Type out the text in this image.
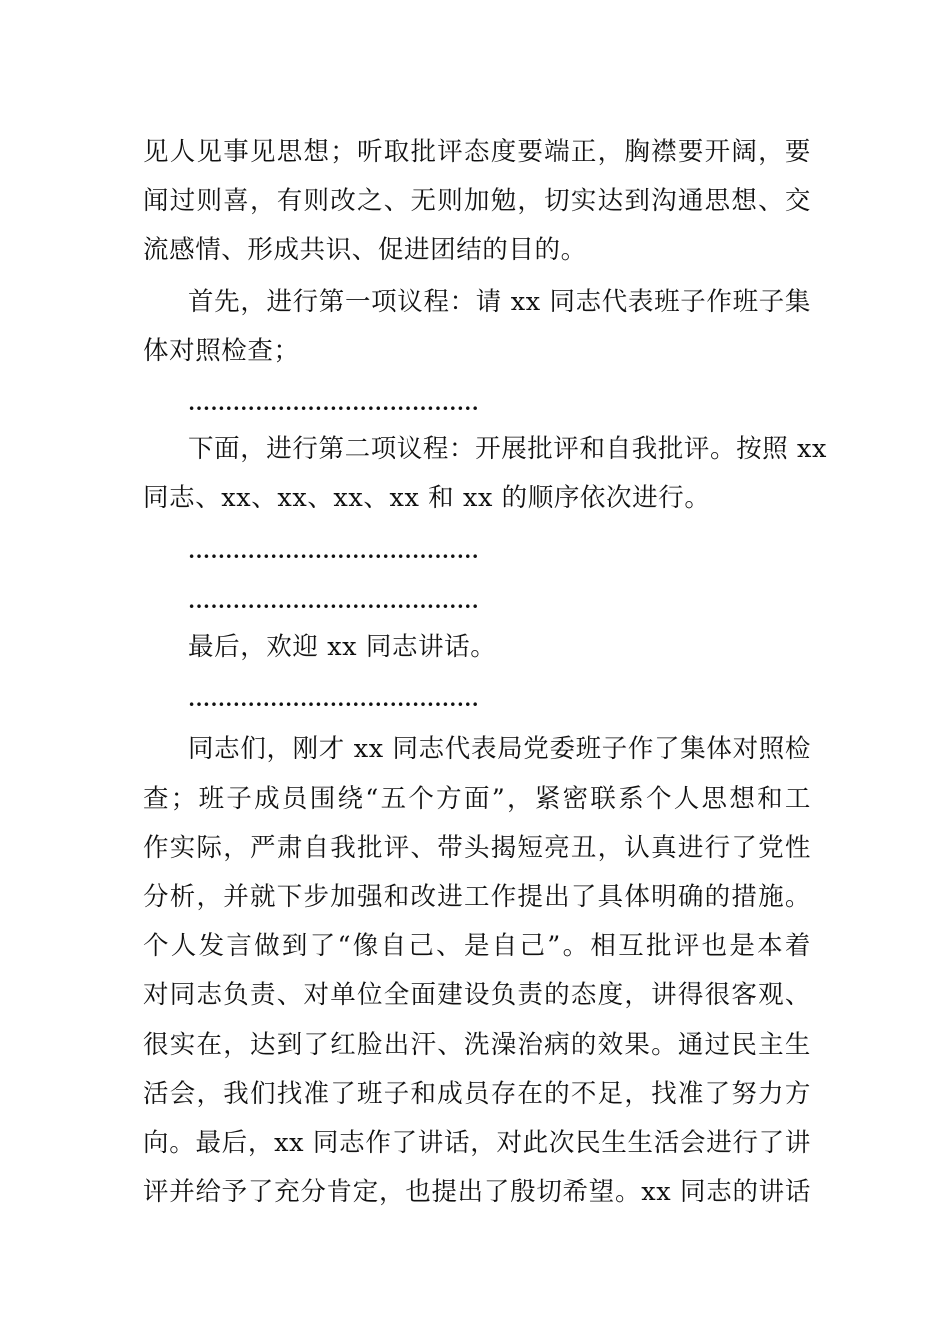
见人见事见思想；听取批评态度要端正，胸襟要开阔，要
闻过则喜，有则改之、无则加勉，切实达到沟通思想、交
流感情、形成共识、促进团结的目的。
首先，进行第一项议程：请 xx 同志代表班子作班子集
体对照检查；
…………………………………
下面，进行第二项议程：开展批评和自我批评。按照 xx
同志、xx、xx、xx、xx 和 xx 的顺序依次进行。
…………………………………
…………………………………
最后，欢迎 xx 同志讲话。
…………………………………
同志们，刚才 xx 同志代表局党委班子作了集体对照检
查；班子成员围绕“五个方面”，紧密联系个人思想和工
作实际，严肃自我批评、带头揭短亮丑，认真进行了党性
分析，并就下步加强和改进工作提出了具体明确的措施。
个人发言做到了“像自己、是自己”。相互批评也是本着
对同志负责、对单位全面建设负责的态度，讲得很客观、
很实在，达到了红脸出汗、洗澡治病的效果。通过民主生
活会，我们找准了班子和成员存在的不足，找准了努力方
向。最后，xx 同志作了讲话，对此次民生生活会进行了讲
评并给予了充分肯定，也提出了殷切希望。xx 同志的讲话
